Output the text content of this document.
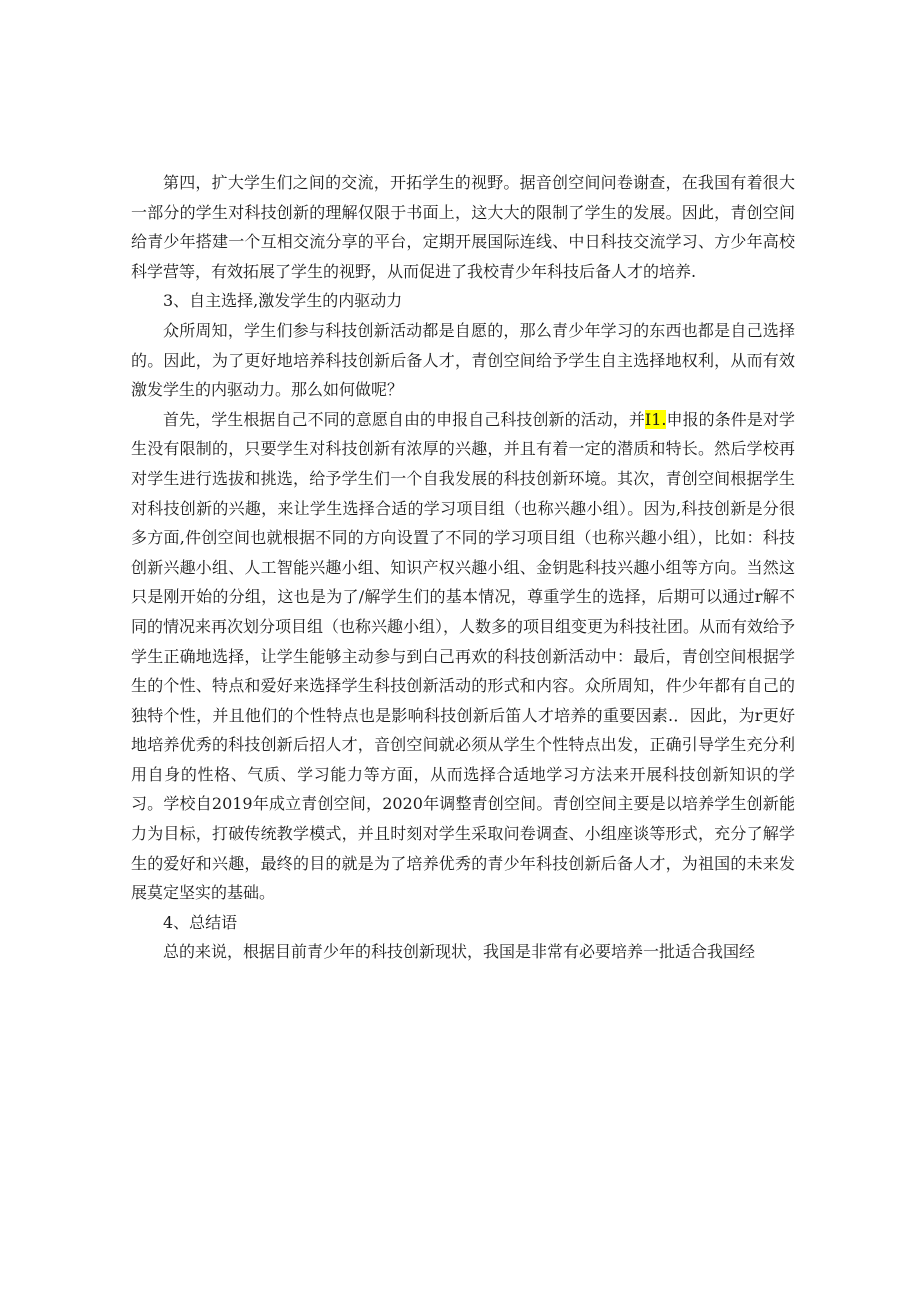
第四，扩大学生们之间的交流，开拓学生的视野。据音创空间问卷谢查，在我国有着很大一部分的学生对科技创新的理解仅限于书面上，这大大的限制了学生的发展。因此，青创空间给青少年搭建一个互相交流分享的平台，定期开展国际连线、中日科技交流学习、方少年高校科学营等，有效拓展了学生的视野，从而促进了我校青少年科技后备人才的培养.

3、自主选择,激发学生的内驱动力

众所周知，学生们参与科技创新活动都是自愿的，那么青少年学习的东西也都是自己选择的。因此，为了更好地培养科技创新后备人才，青创空间给予学生自主选择地权利，从而有效激发学生的内驱动力。那么如何做呢？

首先，学生根据自己不同的意愿自由的申报自己科技创新的活动，并I1.申报的条件是对学生没有限制的，只要学生对科技创新有浓厚的兴趣，并且有着一定的潜质和特长。然后学校再对学生进行选拔和挑选，给予学生们一个自我发展的科技创新环境。其次，青创空间根据学生对科技创新的兴趣，来让学生选择合适的学习项目组（也称兴趣小组）。因为,科技创新是分很多方面,件创空间也就根据不同的方向设置了不同的学习项目组（也称兴趣小组），比如：科技创新兴趣小组、人工智能兴趣小组、知识产权兴趣小组、金钥匙科技兴趣小组等方向。当然这只是刚开始的分组，这也是为了/解学生们的基本情况，尊重学生的选择，后期可以通过r解不同的情况来再次划分项目组（也称兴趣小组），人数多的项目组变更为科技社团。从而有效给予学生正确地选择，让学生能够主动参与到白己再欢的科技创新活动中：最后，青创空间根据学生的个性、特点和爱好来选择学生科技创新活动的形式和内容。众所周知，件少年都有自己的独特个性，并且他们的个性特点也是影响科技创新后笛人才培养的重要因素.．因此，为r更好地培养优秀的科技创新后招人才，音创空间就必须从学生个性特点出发，正确引导学生充分利用自身的性格、气质、学习能力等方面，从而选择合适地学习方法来开展科技创新知识的学习。学校自2019年成立青创空间，2020年调整青创空间。青创空间主要是以培养学生创新能力为目标，打破传统教学模式，并且时刻对学生采取问卷调查、小组座谈等形式，充分了解学生的爱好和兴趣，最终的目的就是为了培养优秀的青少年科技创新后备人才，为祖国的未来发展莫定坚实的基础。

4、总结语

总的来说，根据目前青少年的科技创新现状，我国是非常有必要培养一批适合我国经
